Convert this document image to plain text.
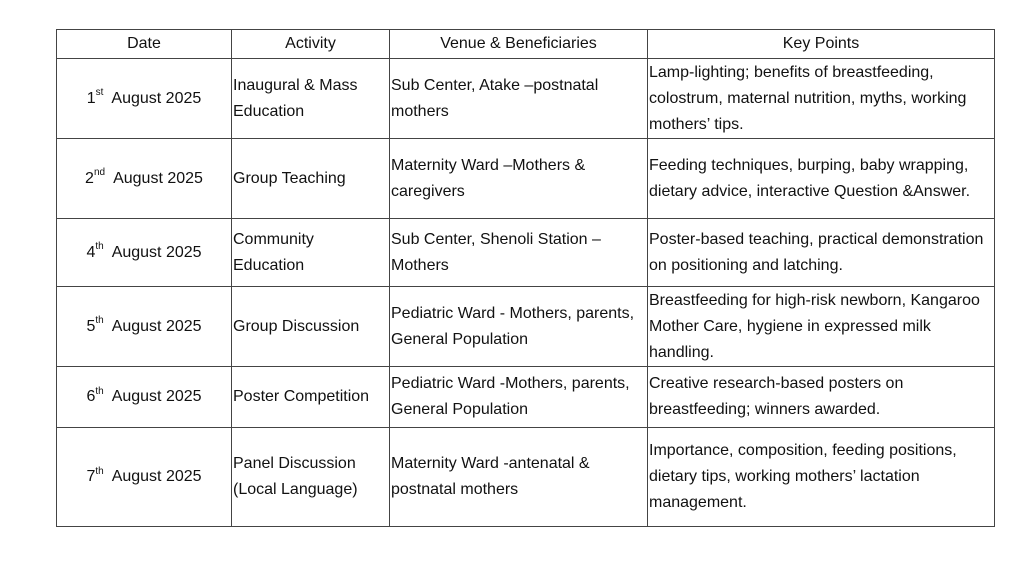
Date	Activity	Venue & Beneficiaries	Key Points
1st August 2025	Inaugural & Mass Education	Sub Center, Atake –postnatal mothers	Lamp-lighting; benefits of breastfeeding, colostrum, maternal nutrition, myths, working mothers’ tips.
2nd August 2025	Group Teaching	Maternity Ward –Mothers & caregivers	Feeding techniques, burping, baby wrapping, dietary advice, interactive Question &Answer.
4th August 2025	Community Education	Sub Center, Shenoli Station – Mothers	Poster-based teaching, practical demonstration on positioning and latching.
5th August 2025	Group Discussion	Pediatric Ward - Mothers, parents, General Population	Breastfeeding for high-risk newborn, Kangaroo Mother Care, hygiene in expressed milk handling.
6th August 2025	Poster Competition	Pediatric Ward -Mothers, parents, General Population	Creative research-based posters on breastfeeding; winners awarded.
7th August 2025	Panel Discussion (Local Language)	Maternity Ward -antenatal & postnatal mothers	Importance, composition, feeding positions, dietary tips, working mothers’ lactation management.
